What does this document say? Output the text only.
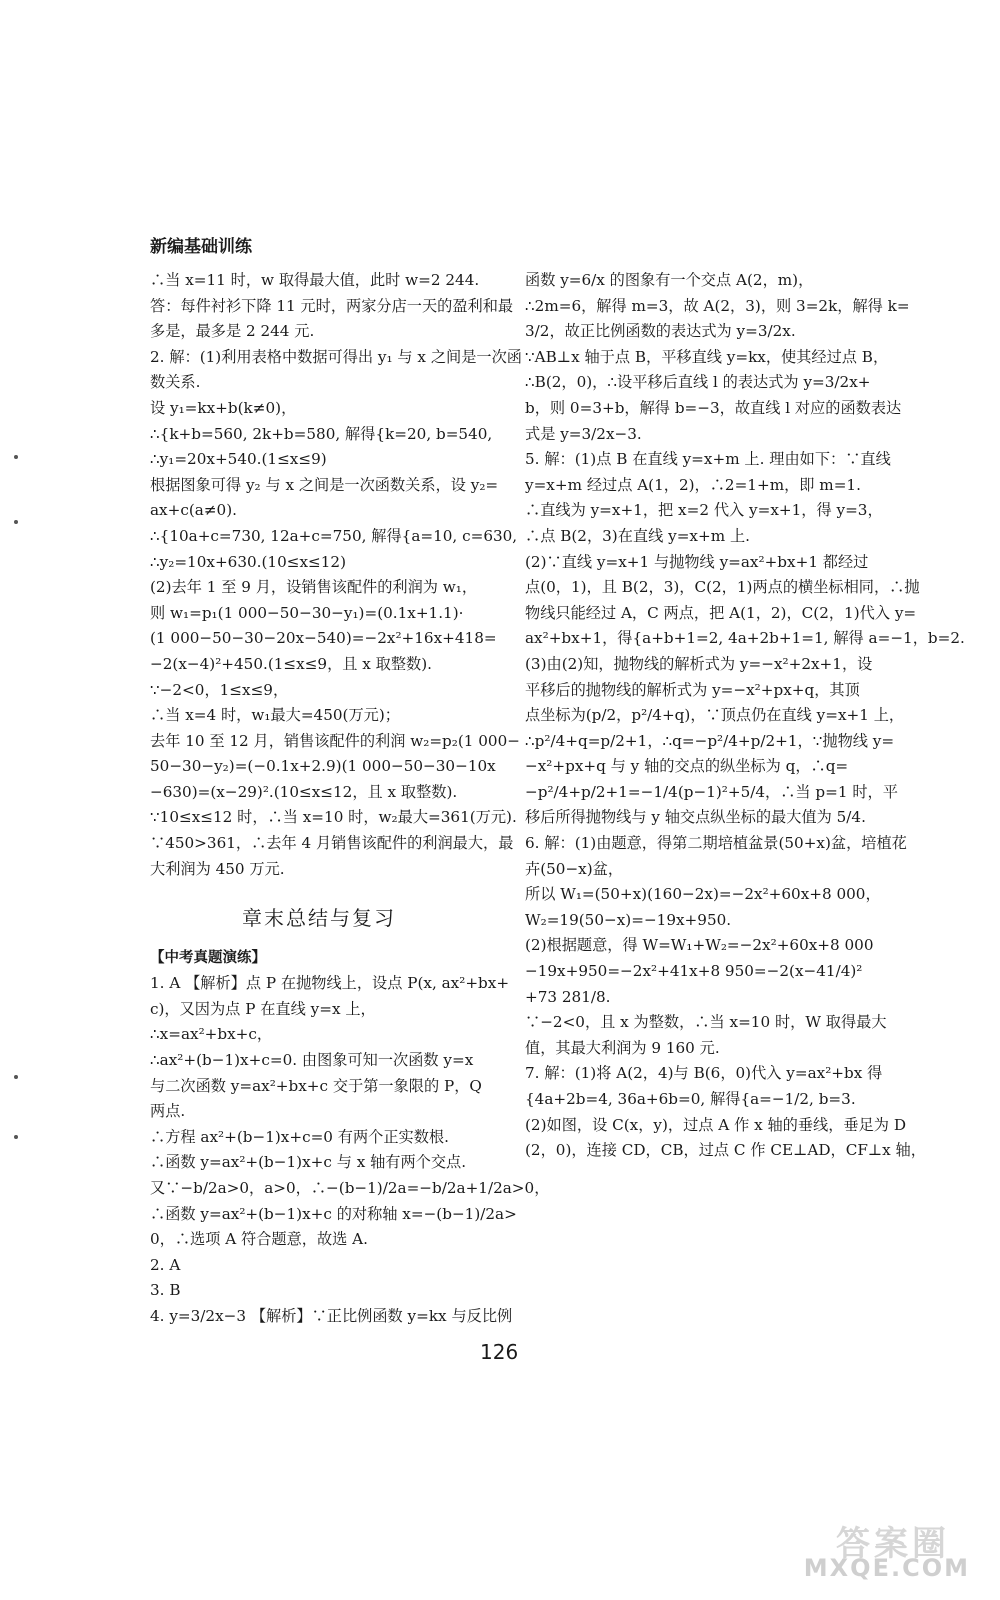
新编基础训练
∴当 x=11 时，w 取得最大值，此时 w=2 244.
答：每件衬衫下降 11 元时，两家分店一天的盈利和最
多是，最多是 2 244 元.
2. 解：(1)利用表格中数据可得出 y₁ 与 x 之间是一次函
数关系.
设 y₁=kx+b(k≠0)，
∴{k+b=560, 2k+b=580, 解得{k=20, b=540,
∴y₁=20x+540.(1≤x≤9)
根据图象可得 y₂ 与 x 之间是一次函数关系，设 y₂=
ax+c(a≠0).
∴{10a+c=730, 12a+c=750, 解得{a=10, c=630,
∴y₂=10x+630.(10≤x≤12)
(2)去年 1 至 9 月，设销售该配件的利润为 w₁，
则 w₁=p₁(1 000−50−30−y₁)=(0.1x+1.1)·
(1 000−50−30−20x−540)=−2x²+16x+418=
−2(x−4)²+450.(1≤x≤9，且 x 取整数).
∵−2<0，1≤x≤9，
∴当 x=4 时，w₁最大=450(万元)；
去年 10 至 12 月，销售该配件的利润 w₂=p₂(1 000−
50−30−y₂)=(−0.1x+2.9)(1 000−50−30−10x
−630)=(x−29)².(10≤x≤12，且 x 取整数).
∵10≤x≤12 时，∴当 x=10 时，w₂最大=361(万元).
∵450>361，∴去年 4 月销售该配件的利润最大，最
大利润为 450 万元.
章末总结与复习
【中考真题演练】
1. A 【解析】点 P 在抛物线上，设点 P(x, ax²+bx+
c)，又因为点 P 在直线 y=x 上，
∴x=ax²+bx+c，
∴ax²+(b−1)x+c=0. 由图象可知一次函数 y=x
与二次函数 y=ax²+bx+c 交于第一象限的 P，Q
两点.
∴方程 ax²+(b−1)x+c=0 有两个正实数根.
∴函数 y=ax²+(b−1)x+c 与 x 轴有两个交点.
又∵−b/2a>0，a>0，∴−(b−1)/2a=−b/2a+1/2a>0，
∴函数 y=ax²+(b−1)x+c 的对称轴 x=−(b−1)/2a>
0，∴选项 A 符合题意，故选 A.
2. A
3. B
4. y=3/2x−3 【解析】∵正比例函数 y=kx 与反比例
函数 y=6/x 的图象有一个交点 A(2，m)，
∴2m=6，解得 m=3，故 A(2，3)，则 3=2k，解得 k=
3/2，故正比例函数的表达式为 y=3/2x.
∵AB⊥x 轴于点 B，平移直线 y=kx，使其经过点 B，
∴B(2，0)，∴设平移后直线 l 的表达式为 y=3/2x+
b，则 0=3+b，解得 b=−3，故直线 l 对应的函数表达
式是 y=3/2x−3.
5. 解：(1)点 B 在直线 y=x+m 上. 理由如下：∵直线
y=x+m 经过点 A(1，2)，∴2=1+m，即 m=1.
∴直线为 y=x+1，把 x=2 代入 y=x+1，得 y=3，
∴点 B(2，3)在直线 y=x+m 上.
(2)∵直线 y=x+1 与抛物线 y=ax²+bx+1 都经过
点(0，1)，且 B(2，3)，C(2，1)两点的横坐标相同，∴抛
物线只能经过 A，C 两点，把 A(1，2)，C(2，1)代入 y=
ax²+bx+1，得{a+b+1=2, 4a+2b+1=1, 解得 a=−1，b=2.
(3)由(2)知，抛物线的解析式为 y=−x²+2x+1，设
平移后的抛物线的解析式为 y=−x²+px+q，其顶
点坐标为(p/2，p²/4+q)，∵顶点仍在直线 y=x+1 上，
∴p²/4+q=p/2+1，∴q=−p²/4+p/2+1，∵抛物线 y=
−x²+px+q 与 y 轴的交点的纵坐标为 q，∴q=
−p²/4+p/2+1=−1/4(p−1)²+5/4，∴当 p=1 时，平
移后所得抛物线与 y 轴交点纵坐标的最大值为 5/4.
6. 解：(1)由题意，得第二期培植盆景(50+x)盆，培植花
卉(50−x)盆，
所以 W₁=(50+x)(160−2x)=−2x²+60x+8 000，
W₂=19(50−x)=−19x+950.
(2)根据题意，得 W=W₁+W₂=−2x²+60x+8 000
−19x+950=−2x²+41x+8 950=−2(x−41/4)²
+73 281/8.
∵−2<0，且 x 为整数，∴当 x=10 时，W 取得最大
值，其最大利润为 9 160 元.
7. 解：(1)将 A(2，4)与 B(6，0)代入 y=ax²+bx 得
{4a+2b=4, 36a+6b=0, 解得{a=−1/2, b=3.
(2)如图，设 C(x，y)，过点 A 作 x 轴的垂线，垂足为 D
(2，0)，连接 CD，CB，过点 C 作 CE⊥AD，CF⊥x 轴，
126
答案圈
MXQE.COM
